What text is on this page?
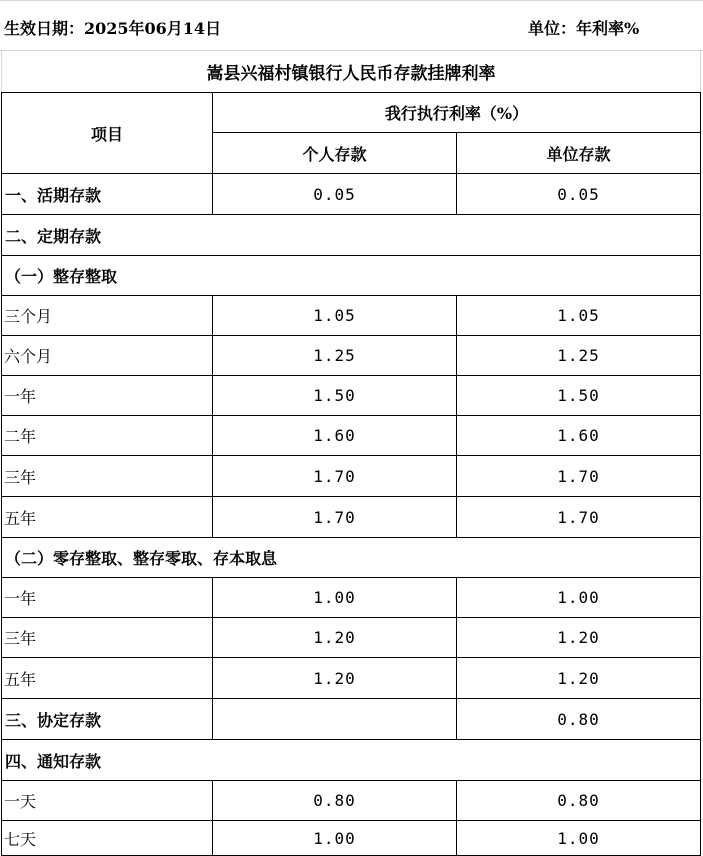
生效日期：2025年06月14日	单位：年利率%
嵩县兴福村镇银行人民币存款挂牌利率
项目	我行执行利率（%）	
	个人存款	单位存款
一、活期存款	0.05	0.05
二、定期存款		
（一）整存整取		
三个月	1.05	1.05
六个月	1.25	1.25
一年	1.50	1.50
二年	1.60	1.60
三年	1.70	1.70
五年	1.70	1.70
（二）零存整取、整存零取、存本取息		
一年	1.00	1.00
三年	1.20	1.20
五年	1.20	1.20
三、协定存款		0.80
四、通知存款		
一天	0.80	0.80
七天	1.00	1.00
